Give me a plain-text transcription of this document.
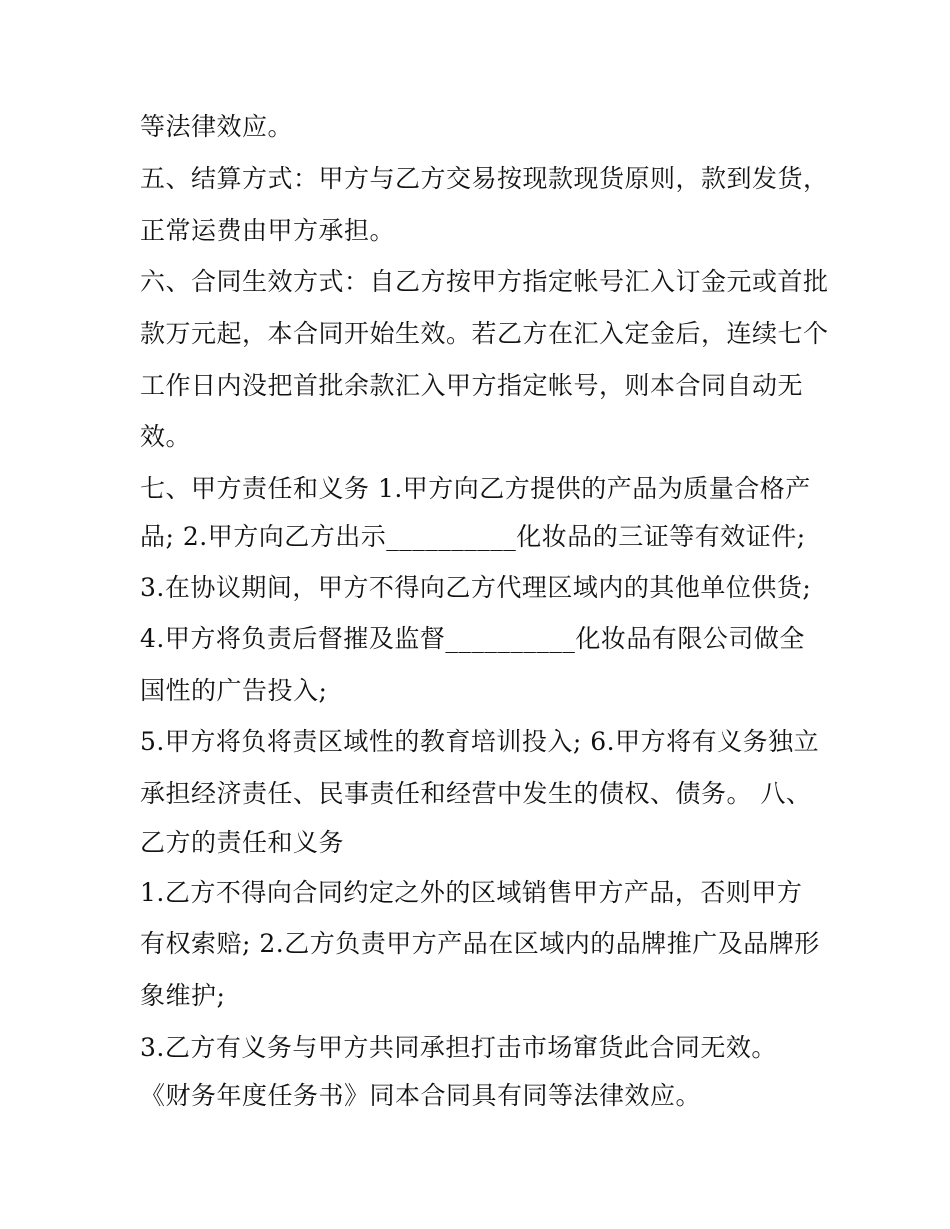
等法律效应。
五、结算方式：甲方与乙方交易按现款现货原则，款到发货，
正常运费由甲方承担。
六、合同生效方式：自乙方按甲方指定帐号汇入订金元或首批
款万元起，本合同开始生效。若乙方在汇入定金后，连续七个
工作日内没把首批余款汇入甲方指定帐号，则本合同自动无
效。
七、甲方责任和义务 1.甲方向乙方提供的产品为质量合格产
品; 2.甲方向乙方出示__________化妆品的三证等有效证件;
3.在协议期间，甲方不得向乙方代理区域内的其他单位供货;
4.甲方将负责后督摧及监督__________化妆品有限公司做全
国性的广告投入;
5.甲方将负将责区域性的教育培训投入; 6.甲方将有义务独立
承担经济责任、民事责任和经营中发生的债权、债务。 八、
乙方的责任和义务
1.乙方不得向合同约定之外的区域销售甲方产品，否则甲方
有权索赔; 2.乙方负责甲方产品在区域内的品牌推广及品牌形
象维护;
3.乙方有义务与甲方共同承担打击市场窜货此合同无效。
《财务年度任务书》同本合同具有同等法律效应。
